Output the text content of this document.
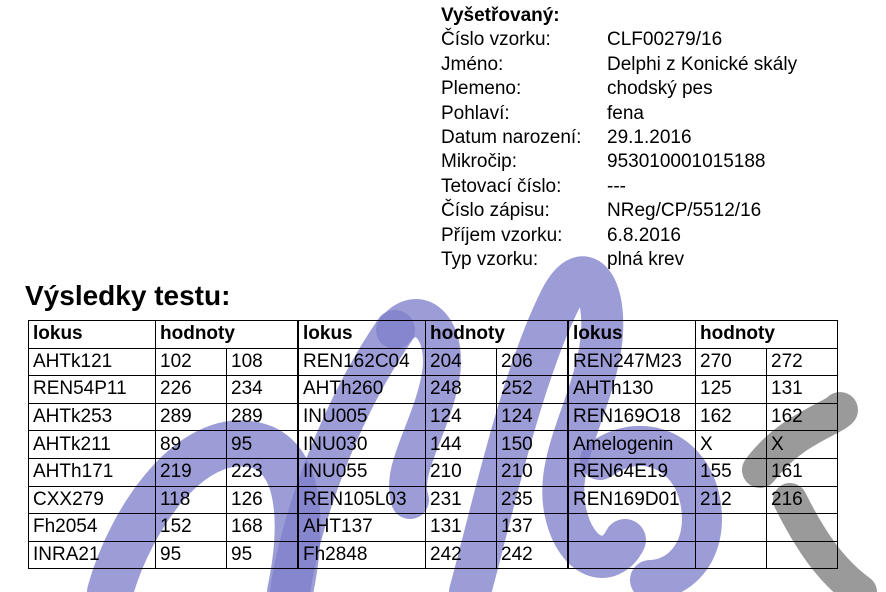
Vyšetřovaný:
Číslo vzorku:	CLF00279/16
Jméno:	Delphi z Konické skály
Plemeno:	chodský pes
Pohlaví:	fena
Datum narození:	29.1.2016
Mikročip:	953010001015188
Tetovací číslo:	---
Číslo zápisu:	NReg/CP/5512/16
Příjem vzorku:	6.8.2016
Typ vzorku:	plná krev
Výsledky testu:
lokus	hodnoty		lokus	hodnoty		lokus	hodnoty	
AHTk121	102	108	REN162C04	204	206	REN247M23	270	272
REN54P11	226	234	AHTh260	248	252	AHTh130	125	131
AHTk253	289	289	INU005	124	124	REN169O18	162	162
AHTk211	89	95	INU030	144	150	Amelogenin	X	X
AHTh171	219	223	INU055	210	210	REN64E19	155	161
CXX279	118	126	REN105L03	231	235	REN169D01	212	216
Fh2054	152	168	AHT137	131	137			
INRA21	95	95	Fh2848	242	242			
